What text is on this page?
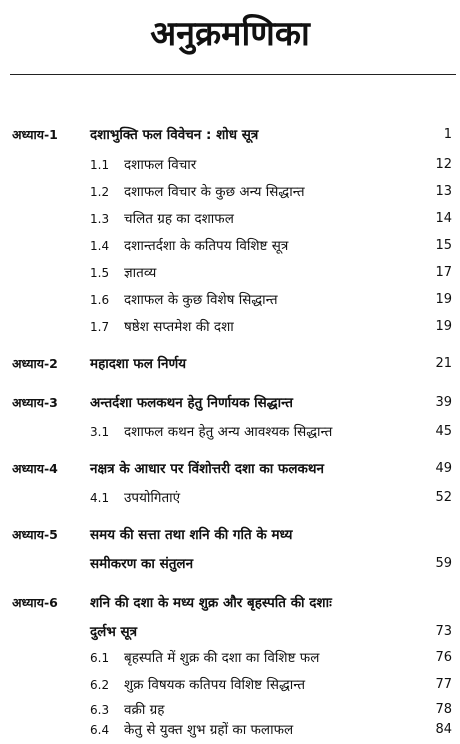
अनुक्रमणिका
अध्याय-1 दशाभुक्ति फल विवेचन : शोध सूत्र	1
1.1	दशाफल विचार	12
1.2	दशाफल विचार के कुछ अन्य सिद्धान्त	13
1.3	चलित ग्रह का दशाफल	14
1.4	दशान्तर्दशा के कतिपय विशिष्ट सूत्र	15
1.5	ज्ञातव्य	17
1.6	दशाफल के कुछ विशेष सिद्धान्त	19
1.7	षष्ठेश सप्तमेश की दशा	19
अध्याय-2 महादशा फल निर्णय	21
अध्याय-3 अन्तर्दशा फलकथन हेतु निर्णायक सिद्धान्त	39
3.1	दशाफल कथन हेतु अन्य आवश्यक सिद्धान्त	45
अध्याय-4 नक्षत्र के आधार पर विंशोत्तरी दशा का फलकथन	49
4.1	उपयोगिताएं	52
अध्याय-5 समय की सत्ता तथा शनि की गति के मध्य
समीकरण का संतुलन	59
अध्याय-6 शनि की दशा के मध्य शुक्र और बृहस्पति की दशाः
दुर्लभ सूत्र	73
6.1	बृहस्पति में शुक्र की दशा का विशिष्ट फल	76
6.2	शुक्र विषयक कतिपय विशिष्ट सिद्धान्त	77
6.3	वक्री ग्रह	78
6.4	केतु से युक्त शुभ ग्रहों का फलाफल	84
